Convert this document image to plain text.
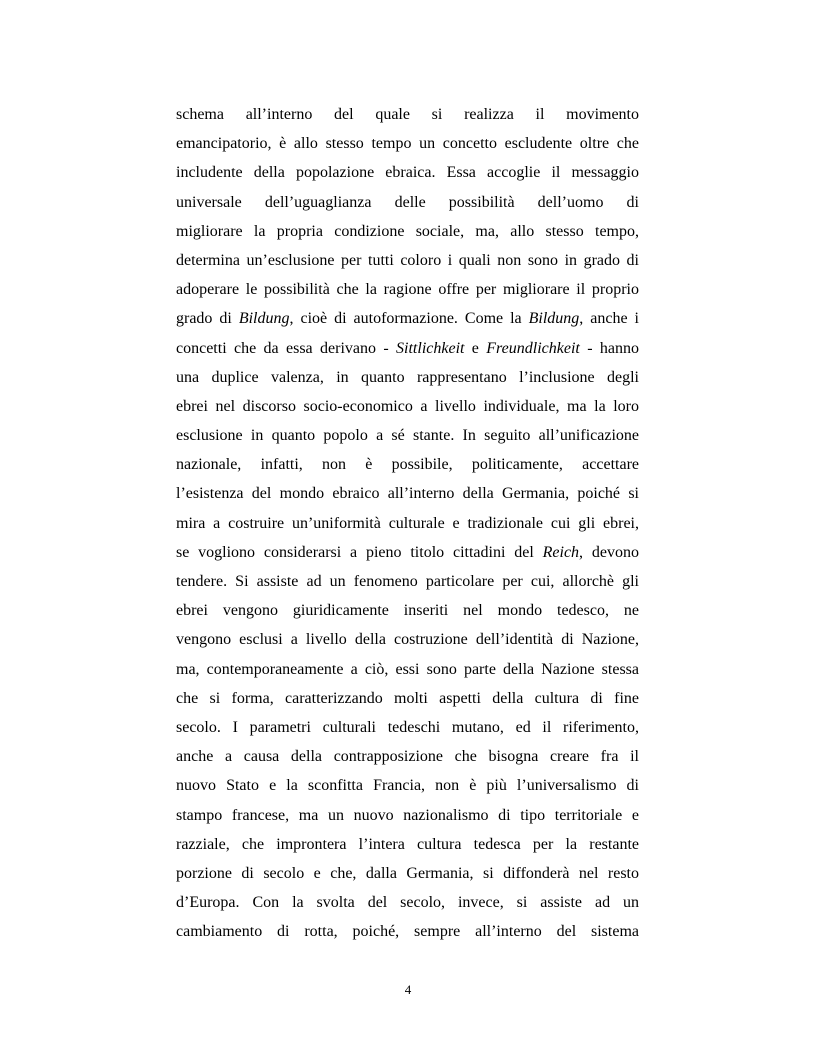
schema all’interno del quale si realizza il movimento
emancipatorio, è allo stesso tempo un concetto escludente oltre che
includente della popolazione ebraica. Essa accoglie il messaggio
universale dell’uguaglianza delle possibilità dell’uomo di
migliorare la propria condizione sociale, ma, allo stesso tempo,
determina un’esclusione per tutti coloro i quali non sono in grado di
adoperare le possibilità che la ragione offre per migliorare il proprio
grado di Bildung, cioè di autoformazione. Come la Bildung, anche i
concetti che da essa derivano - Sittlichkeit e Freundlichkeit - hanno
una duplice valenza, in quanto rappresentano l’inclusione degli
ebrei nel discorso socio-economico a livello individuale, ma la loro
esclusione in quanto popolo a sé stante. In seguito all’unificazione
nazionale, infatti, non è possibile, politicamente, accettare
l’esistenza del mondo ebraico all’interno della Germania, poiché si
mira a costruire un’uniformità culturale e tradizionale cui gli ebrei,
se vogliono considerarsi a pieno titolo cittadini del Reich, devono
tendere. Si assiste ad un fenomeno particolare per cui, allorchè gli
ebrei vengono giuridicamente inseriti nel mondo tedesco, ne
vengono esclusi a livello della costruzione dell’identità di Nazione,
ma, contemporaneamente a ciò, essi sono parte della Nazione stessa
che si forma, caratterizzando molti aspetti della cultura di fine
secolo. I parametri culturali tedeschi mutano, ed il riferimento,
anche a causa della contrapposizione che bisogna creare fra il
nuovo Stato e la sconfitta Francia, non è più l’universalismo di
stampo francese, ma un nuovo nazionalismo di tipo territoriale e
razziale, che improntera l’intera cultura tedesca per la restante
porzione di secolo e che, dalla Germania, si diffonderà nel resto
d’Europa. Con la svolta del secolo, invece, si assiste ad un
cambiamento di rotta, poiché, sempre all’interno del sistema
4
